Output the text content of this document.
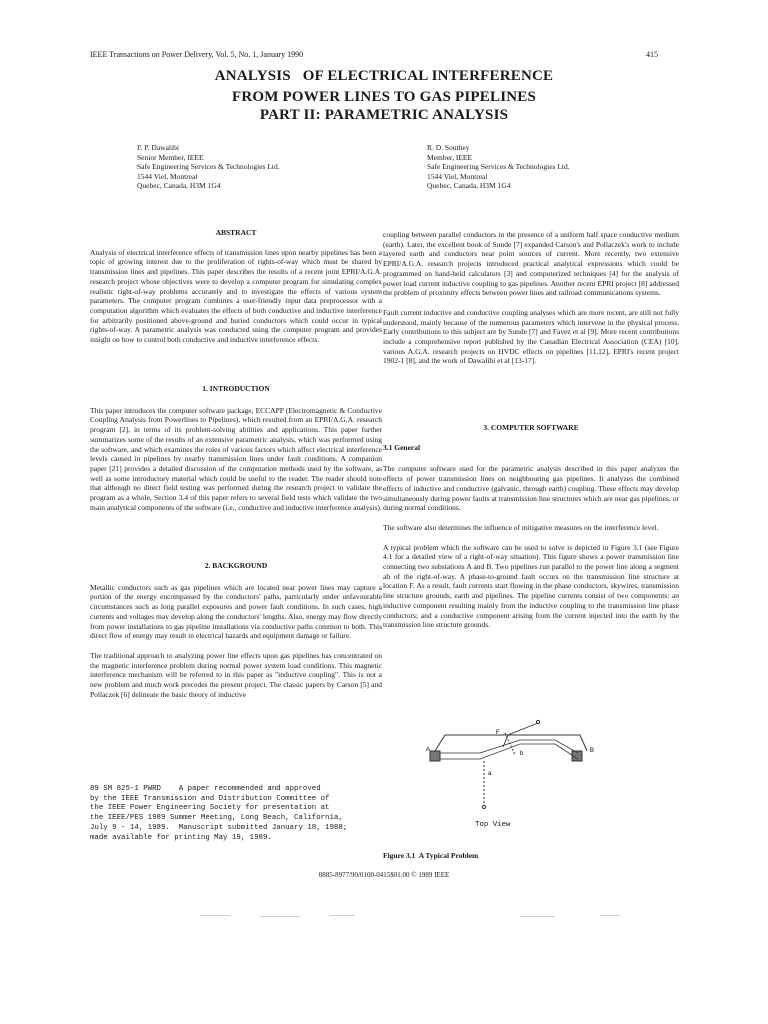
IEEE Transactions on Power Delivery, Vol. 5, No. 1, January 1990	415
ANALYSIS   OF ELECTRICAL INTERFERENCE
FROM POWER LINES TO GAS PIPELINES
PART II: PARAMETRIC ANALYSIS
F. P. Dawalibi
Senior Member, IEEE
Safe Engineering Services & Technologies Ltd.
1544 Viel, Montreal
Quebec, Canada, H3M 1G4
R. D. Southey
Member, IEEE
Safe Engineering Services & Technologies Ltd.
1544 Viel, Montreal
Quebec, Canada, H3M 1G4
ABSTRACT

Analysis of electrical interference effects of transmission lines upon nearby pipelines has been a topic of growing interest due to the proliferation of rights-of-way which must be shared by transmission lines and pipelines. This paper describes the results of a recent joint EPRI/A.G.A. research project whose objectives were to develop a computer program for simulating complex realistic right-of-way problems accurately and to investigate the effects of various system parameters. The computer program combines a user-friendly input data preprocessor with a computation algorithm which evaluates the effects of both conductive and inductive interference for arbitrarily positioned above-ground and buried conductors which could occur in typical rights-of-way. A parametric analysis was conducted using the computer program and provides insight on how to control both conductive and inductive interference effects.

1. INTRODUCTION

This paper introduces the computer software package, ECCAPP (Electromagnetic & Conductive Coupling Analysis from Powerlines to Pipelines), which resulted from an EPRI/A.G.A. research program [2], in terms of its problem-solving abilities and applications. This paper further summarizes some of the results of an extensive parametric analysis, which was performed using the software, and which examines the roles of various factors which affect electrical interference levels caused in pipelines by nearby transmission lines under fault conditions. A companion paper [21] provides a detailed discussion of the computation methods used by the software, as well as some introductory material which could be useful to the reader. The reader should note that although no direct field testing was performed during the research project to validate the program as a whole, Section 3.4 of this paper refers to several field tests which validate the two main analytical components of the software (i.e., conductive and inductive interference analysis).

2. BACKGROUND

Metallic conductors such as gas pipelines which are located near power lines may capture a portion of the energy encompassed by the conductors' paths, particularly under unfavourable circumstances such as long parallel exposures and power fault conditions. In such cases, high currents and voltages may develop along the conductors' lengths. Also, energy may flow directly from power installations to gas pipeline installations via conductive paths common to both. This direct flow of energy may result in electrical hazards and equipment damage or failure.

The traditional approach to analyzing power line effects upon gas pipelines has concentrated on the magnetic interference problem during normal power system load conditions. This magnetic interference mechanism will be referred to in this paper as "inductive coupling". This is not a new problem and much work precedes the present project. The classic papers by Carson [5] and Pollaczek [6] delineate the basic theory of inductive

coupling between parallel conductors in the presence of a uniform half space conductive medium (earth). Later, the excellent book of Sunde [7] expanded Carson's and Pollaczek's work to include layered earth and conductors near point sources of current. More recently, two extensive EPRI/A.G.A. research projects introduced practical analytical expressions which could be programmed on hand-held calculators [3] and computerized techniques [4] for the analysis of power load current inductive coupling to gas pipelines. Another recent EPRI project [8] addressed the problem of proximity effects between power lines and railroad communications systems.

Fault current inductive and conductive coupling analyses which are more recent, are still not fully understood, mainly because of the numerous parameters which intervene in the physical process. Early contributions to this subject are by Sunde [7] and Favez et al [9]. More recent contributions include a comprehensive report published by the Canadian Electrical Association (CEA) [10], various A.G.A. research projects on HVDC effects on pipelines [11,12], EPRI's recent project 1902-1 [8], and the work of Dawalibi et al [13-17].

3. COMPUTER SOFTWARE
3.1 General

The computer software used for the parametric analysis described in this paper analyzes the effects of power transmission lines on neighbouring gas pipelines. It analyzes the combined effects of inductive and conductive (galvanic, through earth) coupling. These effects may develop simultaneously during power faults at transmission line structures which are near gas pipelines, or during normal conditions.

The software also determines the influence of mitigative measures on the interference level.

A typical problem which the software can be used to solve is depicted in Figure 3.1 (see Figure 4.1 for a detailed view of a right-of-way situation). This figure shows a power transmission line connecting two substations A and B. Two pipelines run parallel to the power line along a segment ab of the right-of-way. A phase-to-ground fault occurs on the transmission line structure at location F. As a result, fault currents start flowing in the phase conductors, skywires, transmission line structure grounds, earth and pipelines. The pipeline currents consist of two components: an inductive component resulting mainly from the inductive coupling to the transmission line phase conductors; and a conductive component arising from the current injected into the earth by the transmission line structure grounds.

A	B
F
a
b
Top View
Figure 3.1  A Typical Problem
89 SM 825-1 PWRD    A paper recommended and approved
by the IEEE Transmission and Distribution Committee of
the IEEE Power Engineering Society for presentation at
the IEEE/PES 1989 Summer Meeting, Long Beach, California,
July 9 - 14, 1989.  Manuscript submitted January 18, 1988;
made available for printing May 19, 1989.
0885-8977/90/0100-0415$01.00 © 1989 IEEE
